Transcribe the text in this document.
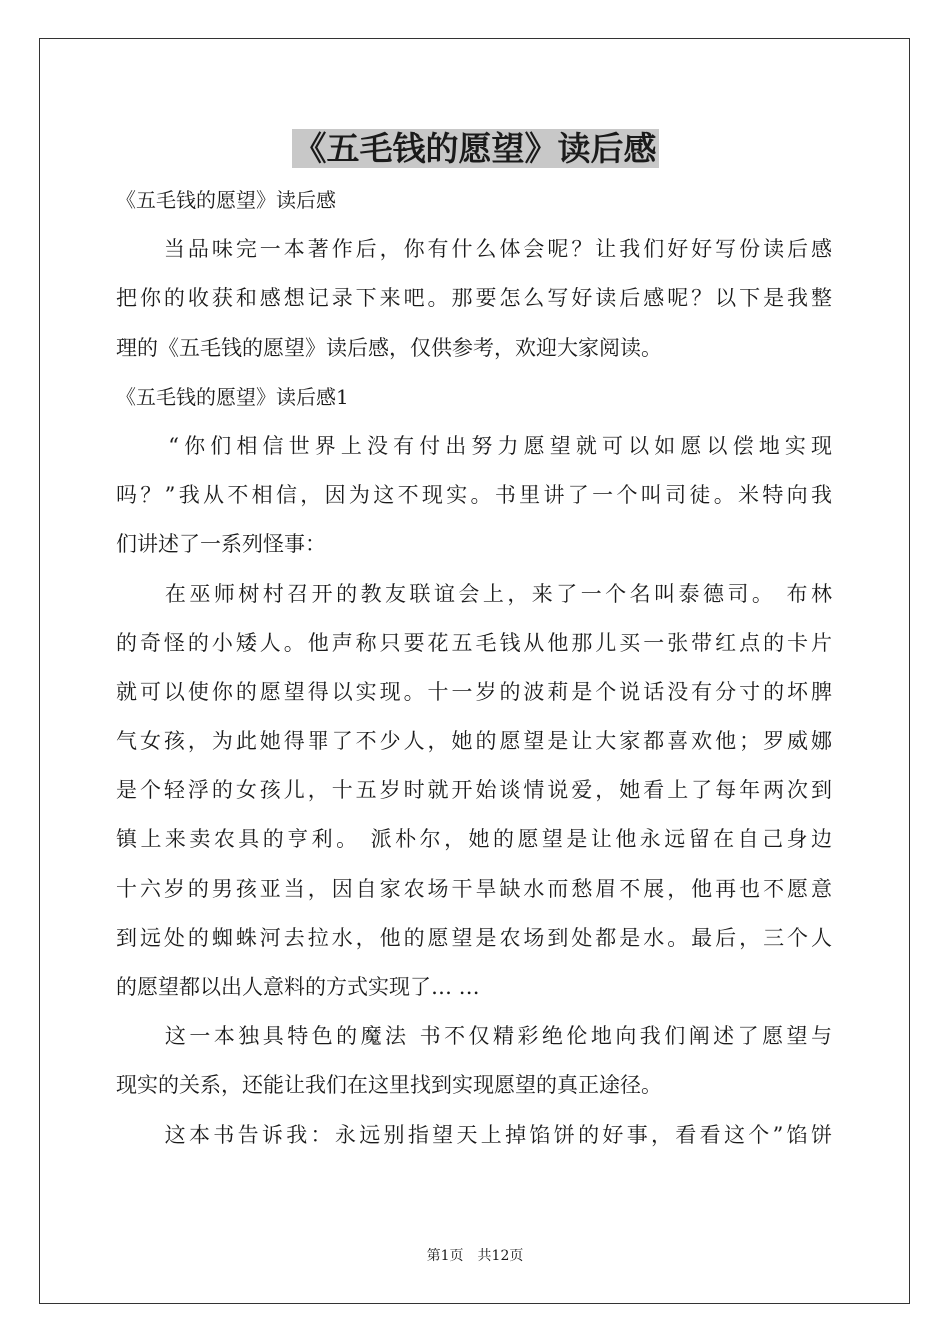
《五毛钱的愿望》读后感
《五毛钱的愿望》读后感
　　当品味完一本著作后，你有什么体会呢？让我们好好写份读后感
把你的收获和感想记录下来吧。那要怎么写好读后感呢？以下是我整
理的《五毛钱的愿望》读后感，仅供参考，欢迎大家阅读。
《五毛钱的愿望》读后感1
　　“你们相信世界上没有付出努力愿望就可以如愿以偿地实现
吗？”我从不相信，因为这不现实。书里讲了一个叫司徒。米特向我
们讲述了一系列怪事：
　　在巫师树村召开的教友联谊会上，来了一个名叫泰德司。 布林
的奇怪的小矮人。他声称只要花五毛钱从他那儿买一张带红点的卡片
就可以使你的愿望得以实现。十一岁的波莉是个说话没有分寸的坏脾
气女孩，为此她得罪了不少人，她的愿望是让大家都喜欢他；罗威娜
是个轻浮的女孩儿，十五岁时就开始谈情说爱，她看上了每年两次到
镇上来卖农具的亨利。 派朴尔，她的愿望是让他永远留在自己身边
十六岁的男孩亚当，因自家农场干旱缺水而愁眉不展，他再也不愿意
到远处的蜘蛛河去拉水，他的愿望是农场到处都是水。最后，三个人
的愿望都以出人意料的方式实现了… …
　　这一本独具特色的魔法 书不仅精彩绝伦地向我们阐述了愿望与
现实的关系，还能让我们在这里找到实现愿望的真正途径。
　　这本书告诉我：永远别指望天上掉馅饼的好事，看看这个”馅饼
第1页　共12页
